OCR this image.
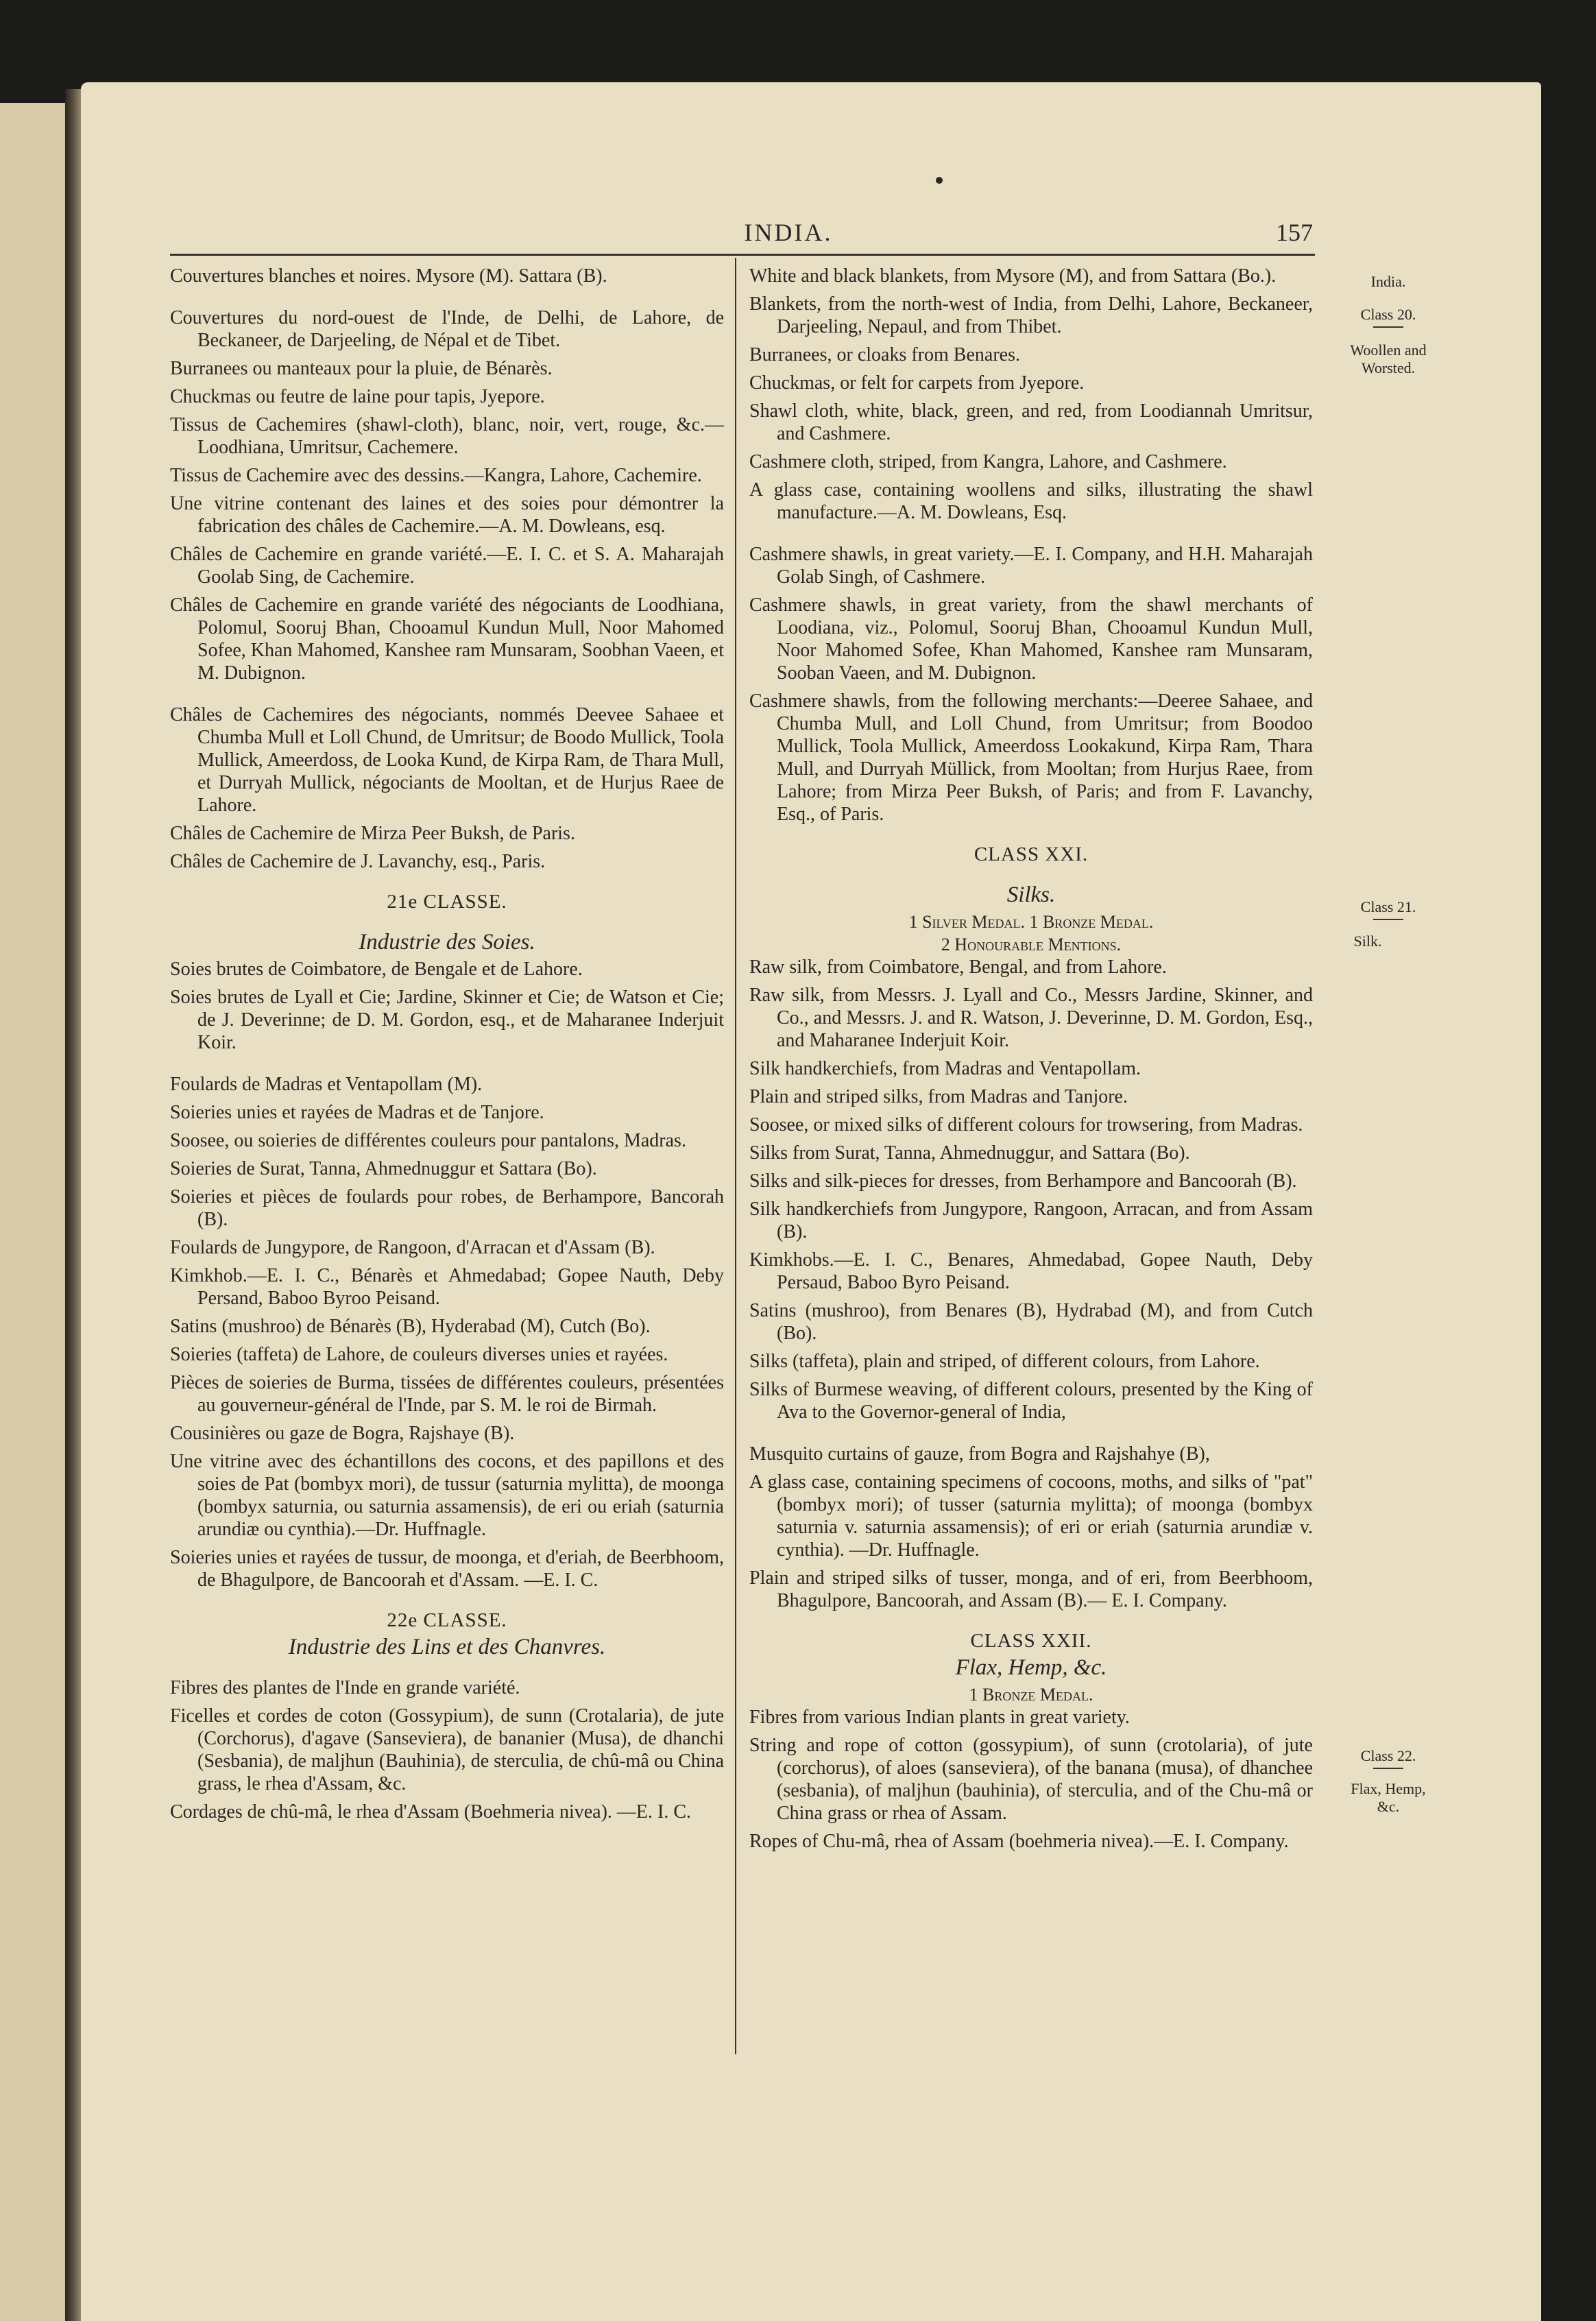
INDIA.	157

Couvertures blanches et noires. Mysore (M). Sattara (B).

Couvertures du nord-ouest de l'Inde, de Delhi, de Lahore, de Beckaneer, de Darjeeling, de Népal et de Tibet.

Burranees ou manteaux pour la pluie, de Bénarès.

Chuckmas ou feutre de laine pour tapis, Jyepore.

Tissus de Cachemires (shawl-cloth), blanc, noir, vert, rouge, &c.—Loodhiana, Umritsur, Cachemere.

Tissus de Cachemire avec des dessins.—Kangra, Lahore, Cachemire.

Une vitrine contenant des laines et des soies pour démontrer la fabrication des châles de Cachemire.—A. M. Dowleans, esq.

Châles de Cachemire en grande variété.—E. I. C. et S. A. Maharajah Goolab Sing, de Cachemire.

Châles de Cachemire en grande variété des négociants de Loodhiana, Polomul, Sooruj Bhan, Chooamul Kundun Mull, Noor Mahomed Sofee, Khan Mahomed, Kanshee ram Munsaram, Soobhan Vaeen, et M. Dubignon.

Châles de Cachemires des négociants, nommés Deevee Sahaee et Chumba Mull et Loll Chund, de Umritsur; de Boodo Mullick, Toola Mullick, Ameerdoss, de Looka Kund, de Kirpa Ram, de Thara Mull, et Durryah Mullick, négociants de Mooltan, et de Hurjus Raee de Lahore.

Châles de Cachemire de Mirza Peer Buksh, de Paris.

Châles de Cachemire de J. Lavanchy, esq., Paris.

21e CLASSE.

Industrie des Soies.

Soies brutes de Coimbatore, de Bengale et de Lahore.

Soies brutes de Lyall et Cie; Jardine, Skinner et Cie; de Watson et Cie; de J. Deverinne; de D. M. Gordon, esq., et de Maharanee Inderjuit Koir.

Foulards de Madras et Ventapollam (M).

Soieries unies et rayées de Madras et de Tanjore.

Soosee, ou soieries de différentes couleurs pour pantalons, Madras.

Soieries de Surat, Tanna, Ahmednuggur et Sattara (Bo).

Soieries et pièces de foulards pour robes, de Berhampore, Bancorah (B).

Foulards de Jungypore, de Rangoon, d'Arracan et d'Assam (B).

Kimkhob.—E. I. C., Bénarès et Ahmedabad; Gopee Nauth, Deby Persand, Baboo Byroo Peisand.

Satins (mushroo) de Bénarès (B), Hyderabad (M), Cutch (Bo).

Soieries (taffeta) de Lahore, de couleurs diverses unies et rayées.

Pièces de soieries de Burma, tissées de différentes couleurs, présentées au gouverneur-général de l'Inde, par S. M. le roi de Birmah.

Cousinières ou gaze de Bogra, Rajshaye (B).

Une vitrine avec des échantillons des cocons, et des papillons et des soies de Pat (bombyx mori), de tussur (saturnia mylitta), de moonga (bombyx saturnia, ou saturnia assamensis), de eri ou eriah (saturnia arundiæ ou cynthia).—Dr. Huffnagle.

Soieries unies et rayées de tussur, de moonga, et d'eriah, de Beerbhoom, de Bhagulpore, de Bancoorah et d'Assam. —E. I. C.

22e CLASSE.

Industrie des Lins et des Chanvres.

Fibres des plantes de l'Inde en grande variété.

Ficelles et cordes de coton (Gossypium), de sunn (Crotalaria), de jute (Corchorus), d'agave (Sanseviera), de bananier (Musa), de dhanchi (Sesbania), de maljhun (Bauhinia), de sterculia, de chû-mâ ou China grass, le rhea d'Assam, &c.

Cordages de chû-mâ, le rhea d'Assam (Boehmeria nivea). —E. I. C.

White and black blankets, from Mysore (M), and from Sattara (Bo.).

Blankets, from the north-west of India, from Delhi, Lahore, Beckaneer, Darjeeling, Nepaul, and from Thibet.

Burranees, or cloaks from Benares.

Chuckmas, or felt for carpets from Jyepore.

Shawl cloth, white, black, green, and red, from Loodiannah Umritsur, and Cashmere.

Cashmere cloth, striped, from Kangra, Lahore, and Cashmere.

A glass case, containing woollens and silks, illustrating the shawl manufacture.—A. M. Dowleans, Esq.

Cashmere shawls, in great variety.—E. I. Company, and H.H. Maharajah Golab Singh, of Cashmere.

Cashmere shawls, in great variety, from the shawl merchants of Loodiana, viz., Polomul, Sooruj Bhan, Chooamul Kundun Mull, Noor Mahomed Sofee, Khan Mahomed, Kanshee ram Munsaram, Sooban Vaeen, and M. Dubignon.

Cashmere shawls, from the following merchants:—Deeree Sahaee, and Chumba Mull, and Loll Chund, from Umritsur; from Boodoo Mullick, Toola Mullick, Ameerdoss Lookakund, Kirpa Ram, Thara Mull, and Durryah Müllick, from Mooltan; from Hurjus Raee, from Lahore; from Mirza Peer Buksh, of Paris; and from F. Lavanchy, Esq., of Paris.

CLASS XXI.

Silks.

1 Silver Medal. 1 Bronze Medal.

2 Honourable Mentions.

Raw silk, from Coimbatore, Bengal, and from Lahore.

Raw silk, from Messrs. J. Lyall and Co., Messrs Jardine, Skinner, and Co., and Messrs. J. and R. Watson, J. Deverinne, D. M. Gordon, Esq., and Maharanee Inderjuit Koir.

Silk handkerchiefs, from Madras and Ventapollam.

Plain and striped silks, from Madras and Tanjore.

Soosee, or mixed silks of different colours for trowsering, from Madras.

Silks from Surat, Tanna, Ahmednuggur, and Sattara (Bo).

Silks and silk-pieces for dresses, from Berhampore and Bancoorah (B).

Silk handkerchiefs from Jungypore, Rangoon, Arracan, and from Assam (B).

Kimkhobs.—E. I. C., Benares, Ahmedabad, Gopee Nauth, Deby Persaud, Baboo Byro Peisand.

Satins (mushroo), from Benares (B), Hydrabad (M), and from Cutch (Bo).

Silks (taffeta), plain and striped, of different colours, from Lahore.

Silks of Burmese weaving, of different colours, presented by the King of Ava to the Governor-general of India,

Musquito curtains of gauze, from Bogra and Rajshahye (B),

A glass case, containing specimens of cocoons, moths, and silks of "pat" (bombyx mori); of tusser (saturnia mylitta); of moonga (bombyx saturnia v. saturnia assamensis); of eri or eriah (saturnia arundiæ v. cynthia). —Dr. Huffnagle.

Plain and striped silks of tusser, monga, and of eri, from Beerbhoom, Bhagulpore, Bancoorah, and Assam (B).— E. I. Company.

CLASS XXII.

Flax, Hemp, &c.

1 Bronze Medal.

Fibres from various Indian plants in great variety.

String and rope of cotton (gossypium), of sunn (crotolaria), of jute (corchorus), of aloes (sanseviera), of the banana (musa), of dhanchee (sesbania), of maljhun (bauhinia), of sterculia, and of the Chu-mâ or China grass or rhea of Assam.

Ropes of Chu-mâ, rhea of Assam (boehmeria nivea).—E. I. Company.

India.
Class 20.
Woollen and
Worsted.
Class 21.
Silk.
Class 22.
Flax, Hemp,
&c.
